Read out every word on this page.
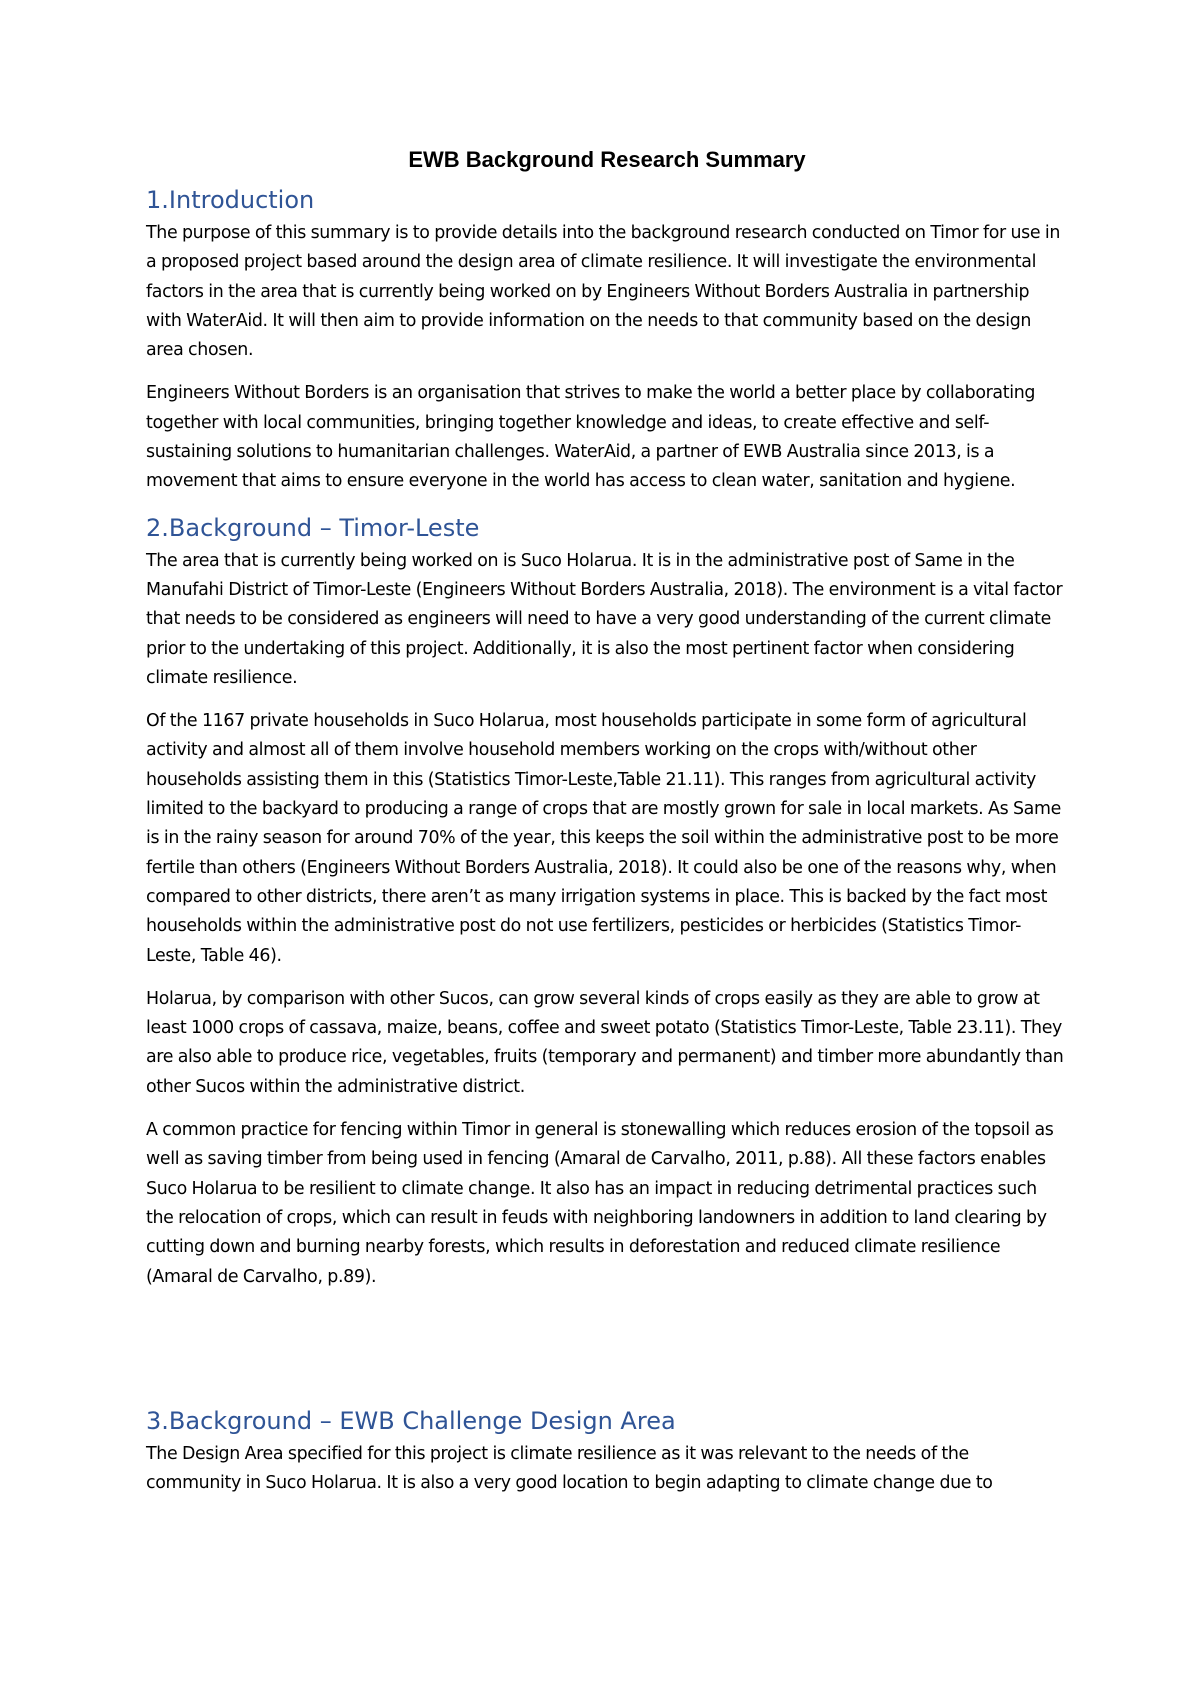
EWB Background Research Summary
1.Introduction

The purpose of this summary is to provide details into the background research conducted on Timor for use in a proposed project based around the design area of climate resilience. It will investigate the environmental factors in the area that is currently being worked on by Engineers Without Borders Australia in partnership with WaterAid. It will then aim to provide information on the needs to that community based on the design area chosen.

Engineers Without Borders is an organisation that strives to make the world a better place by collaborating together with local communities, bringing together knowledge and ideas, to create effective and self-sustaining solutions to humanitarian challenges. WaterAid, a partner of EWB Australia since 2013, is a movement that aims to ensure everyone in the world has access to clean water, sanitation and hygiene.

2.Background – Timor-Leste

The area that is currently being worked on is Suco Holarua. It is in the administrative post of Same in the Manufahi District of Timor-Leste (Engineers Without Borders Australia, 2018). The environment is a vital factor that needs to be considered as engineers will need to have a very good understanding of the current climate prior to the undertaking of this project. Additionally, it is also the most pertinent factor when considering climate resilience.

Of the 1167 private households in Suco Holarua, most households participate in some form of agricultural activity and almost all of them involve household members working on the crops with/without other households assisting them in this (Statistics Timor-Leste,Table 21.11). This ranges from agricultural activity limited to the backyard to producing a range of crops that are mostly grown for sale in local markets. As Same is in the rainy season for around 70% of the year, this keeps the soil within the administrative post to be more fertile than others (Engineers Without Borders Australia, 2018). It could also be one of the reasons why, when compared to other districts, there aren’t as many irrigation systems in place. This is backed by the fact most households within the administrative post do not use fertilizers, pesticides or herbicides (Statistics Timor-Leste, Table 46).

Holarua, by comparison with other Sucos, can grow several kinds of crops easily as they are able to grow at least 1000 crops of cassava, maize, beans, coffee and sweet potato (Statistics Timor-Leste, Table 23.11). They are also able to produce rice, vegetables, fruits (temporary and permanent) and timber more abundantly than other Sucos within the administrative district.

A common practice for fencing within Timor in general is stonewalling which reduces erosion of the topsoil as well as saving timber from being used in fencing (Amaral de Carvalho, 2011, p.88). All these factors enables Suco Holarua to be resilient to climate change. It also has an impact in reducing detrimental practices such the relocation of crops, which can result in feuds with neighboring landowners in addition to land clearing by cutting down and burning nearby forests, which results in deforestation and reduced climate resilience (Amaral de Carvalho, p.89).

3.Background – EWB Challenge Design Area

The Design Area specified for this project is climate resilience as it was relevant to the needs of the community in Suco Holarua. It is also a very good location to begin adapting to climate change due to
